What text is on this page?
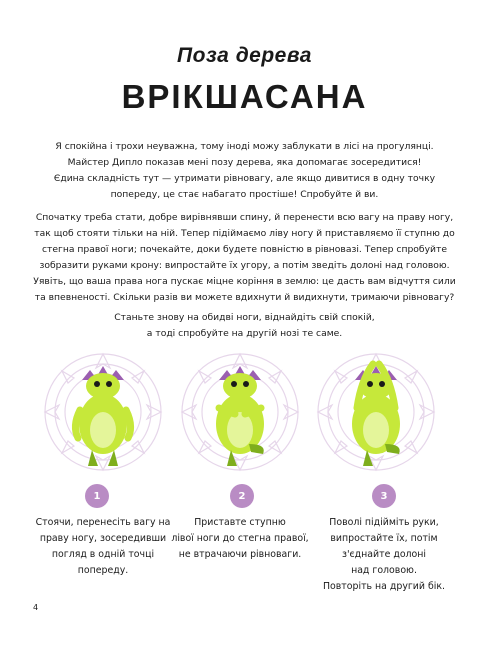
Поза дерева
ВРІКШАСАНА
Я спокійна і трохи неуважна, тому іноді можу заблукати в лісі на прогулянці.
Майстер Дипло показав мені позу дерева, яка допомагає зосередитися!
Єдина складність тут — утримати рівновагу, але якщо дивитися в одну точку
попереду, це стає набагато простіше! Спробуйте й ви.
Спочатку треба стати, добре вирівнявши спину, й перенести всю вагу на праву ногу,
так щоб стояти тільки на ній. Тепер підіймаємо ліву ногу й приставляємо її ступню до
стегна правої ноги; почекайте, доки будете повністю в рівновазі. Тепер спробуйте
зобразити руками крону: випростайте їх угору, а потім зведіть долоні над головою.
Уявіть, що ваша права нога пускає міцне коріння в землю: це дасть вам відчуття сили
та впевненості. Скільки разів ви можете вдихнути й видихнути, тримаючи рівновагу?
Станьте знову на обидві ноги, віднайдіть свій спокій,
а тоді спробуйте на другій нозі те саме.
1	2	3
Стоячи, перенесіть вагу на
праву ногу, зосередивши
погляд в одній точці
попереду.
Приставте ступню
лівої ноги до стегна правої,
не втрачаючи рівноваги.
Поволі підійміть руки,
випростайте їх, потім
з'єднайте долоні
над головою.
Повторіть на другий бік.
4
